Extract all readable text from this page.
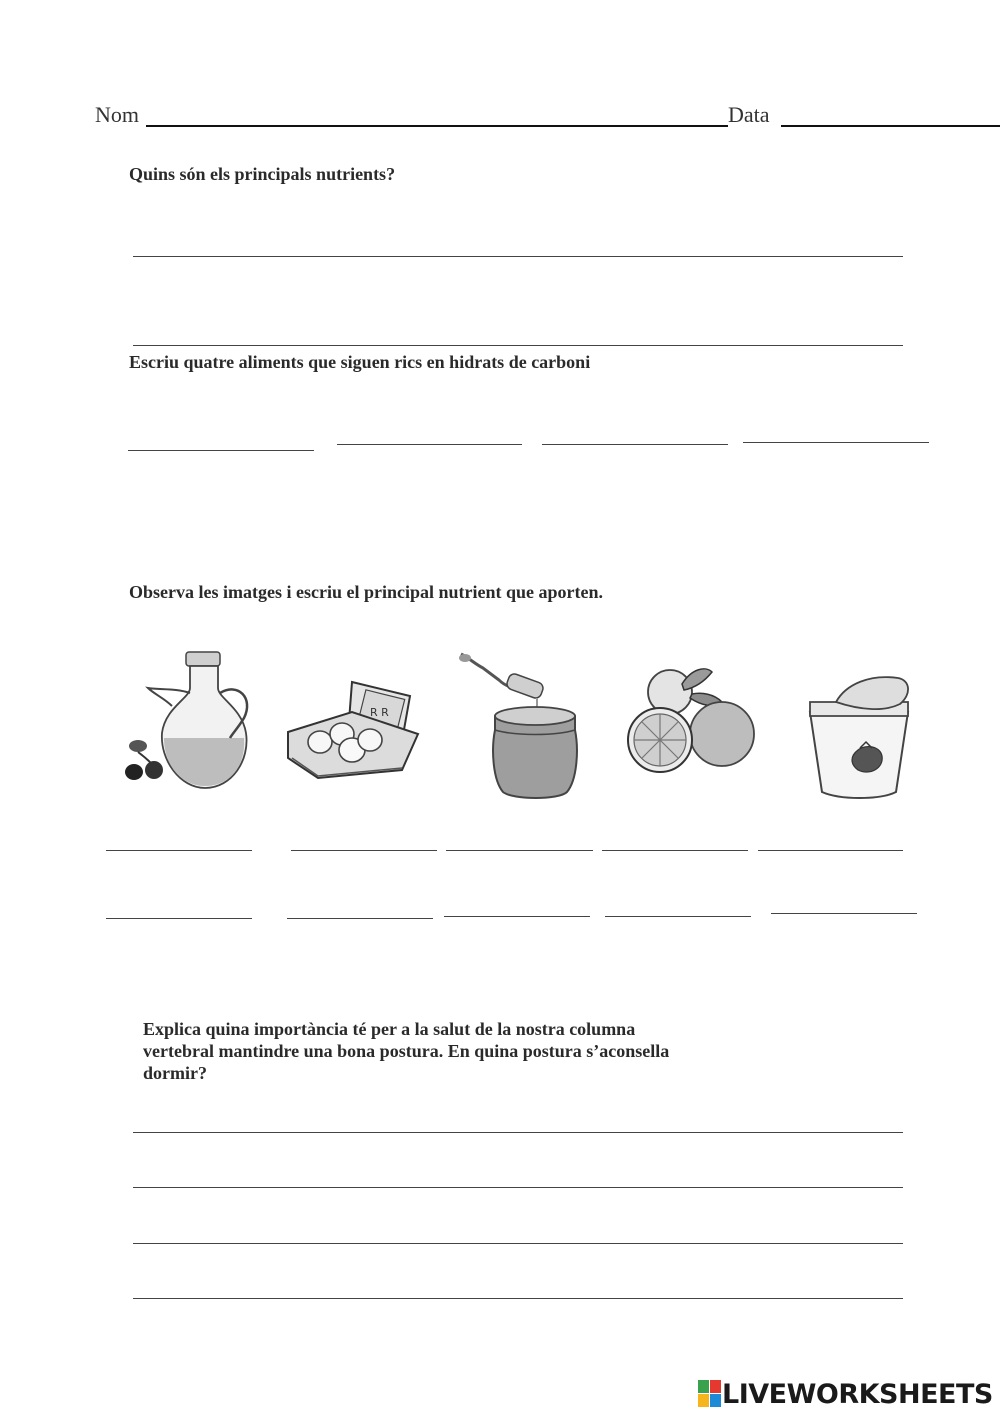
Nom	Data
Quins són els principals nutrients?
Escriu quatre aliments que siguen rics en hidrats de carboni
Observa les imatges i escriu el principal nutrient que aporten.
R R
Explica quina importància té per a la salut de la nostra columna
vertebral mantindre una bona postura. En quina postura s’aconsella
dormir?
LIVEWORKSHEETS
